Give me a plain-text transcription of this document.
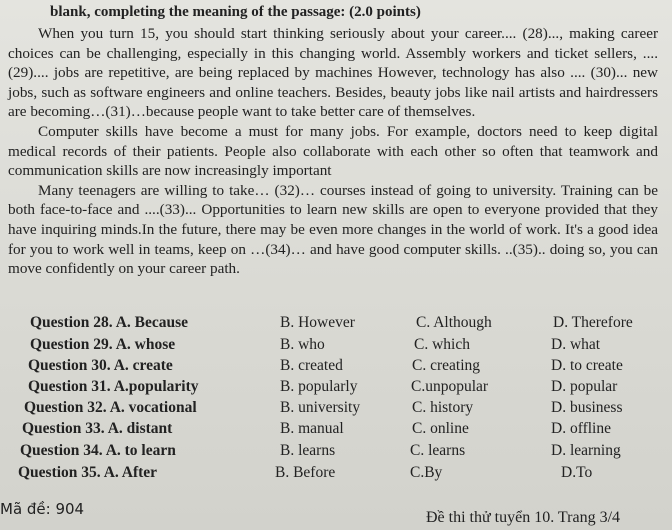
blank, completing the meaning of the passage: (2.0 points)

When you turn 15, you should start thinking seriously about your career.... (28)..., making career choices can be challenging, especially in this changing world. Assembly workers and ticket sellers, .... (29).... jobs are repetitive, are being replaced by machines However, technology has also .... (30)... new jobs, such as software engineers and online teachers. Besides, beauty jobs like nail artists and hairdressers are becoming…(31)…because people want to take better care of themselves.

Computer skills have become a must for many jobs. For example, doctors need to keep digital medical records of their patients. People also collaborate with each other so often that teamwork and communication skills are now increasingly important

Many teenagers are willing to take… (32)… courses instead of going to university. Training can be both face-to-face and ....(33)... Opportunities to learn new skills are open to everyone provided that they have inquiring minds.In the future, there may be even more changes in the world of work. It's a good idea for you to work well in teams, keep on …(34)… and have good computer skills. ..(35).. doing so, you can move confidently on your career path.

Question 28. A. Because	B. However	C. Although	D. Therefore
Question 29. A. whose	B. who	C. which	D. what
Question 30. A. create	B. created	C. creating	D. to create
Question 31. A.popularity	B. popularly	C.unpopular	D. popular
Question 32. A. vocational	B. university	C. history	D. business
Question 33. A. distant	B. manual	C. online	D. offline
Question 34. A. to learn	B. learns	C. learns	D. learning
Question 35. A. After	B. Before	C.By	D.To
Mã đề: 904	Đề thi thử tuyển 10. Trang 3/4
